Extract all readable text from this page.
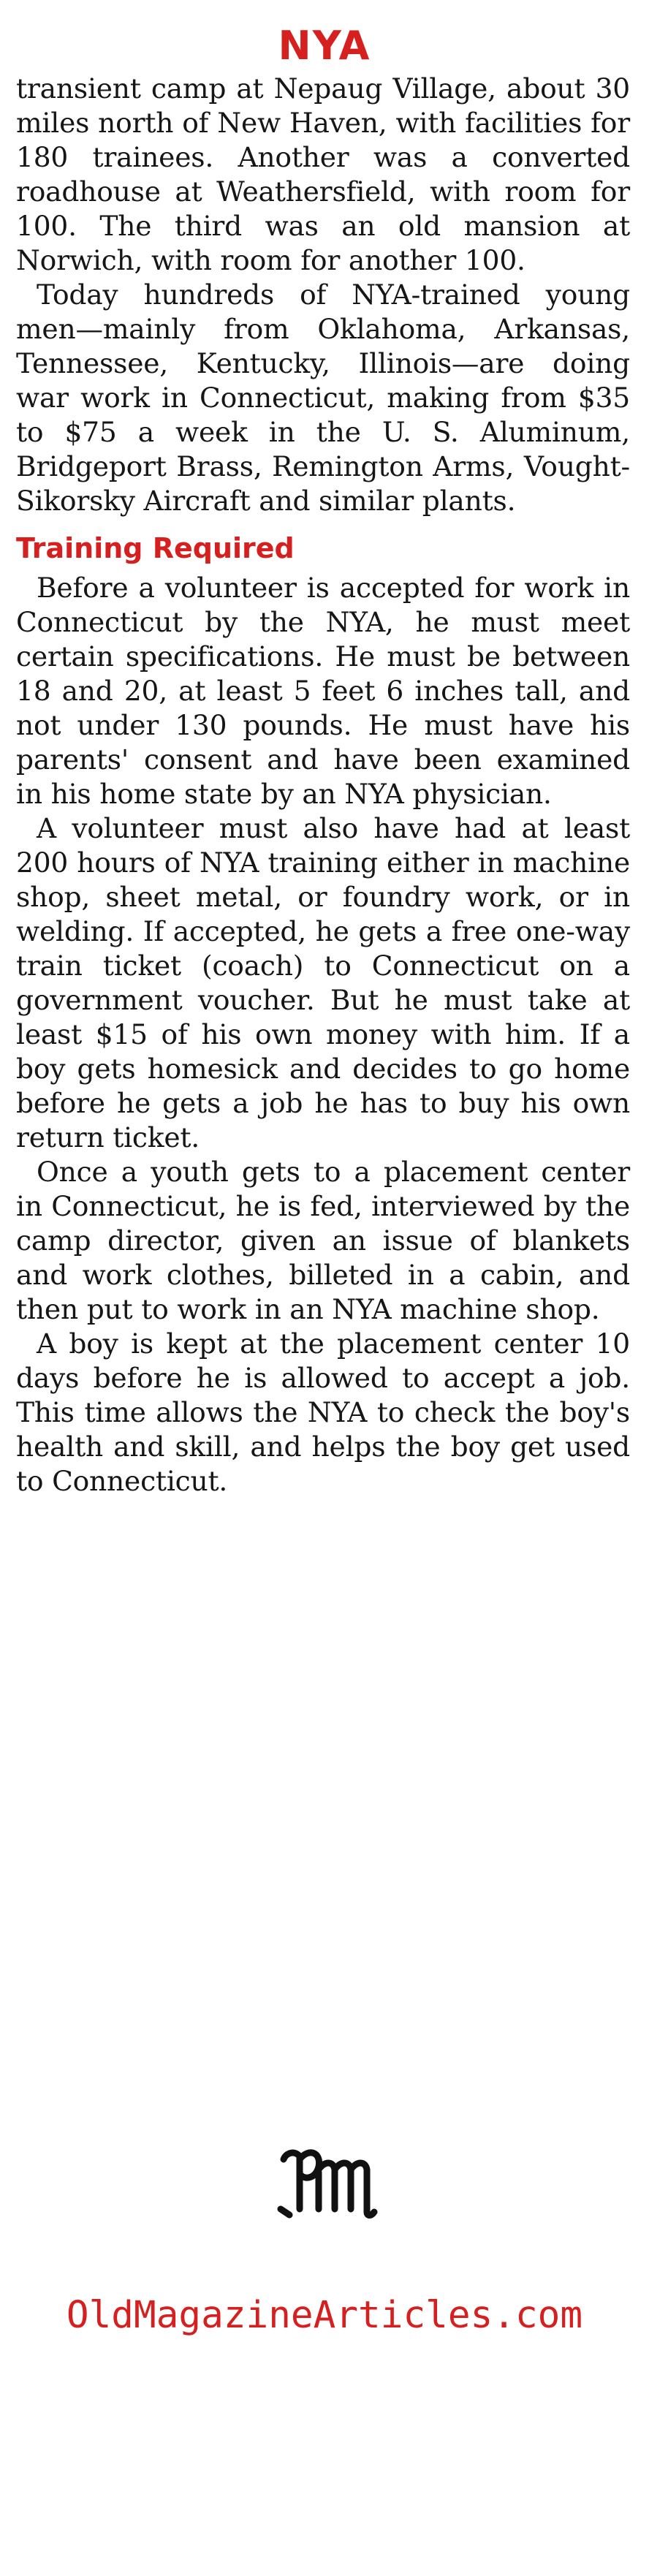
NYA

transient camp at Nepaug Village, about 30 miles north of New Haven, with facilities for 180 trainees. Another was a converted roadhouse at Weathersfield, with room for 100. The third was an old mansion at Norwich, with room for another 100.

Today hundreds of NYA-trained young men—mainly from Oklahoma, Arkansas, Tennessee, Kentucky, Illinois—are doing war work in Connecticut, making from $35 to $75 a week in the U. S. Aluminum, Bridgeport Brass, Remington Arms, Vought-Sikorsky Aircraft and similar plants.

Training Required

Before a volunteer is accepted for work in Connecticut by the NYA, he must meet certain specifications. He must be between 18 and 20, at least 5 feet 6 inches tall, and not under 130 pounds. He must have his parents' consent and have been examined in his home state by an NYA physician.

A volunteer must also have had at least 200 hours of NYA training either in machine shop, sheet metal, or foundry work, or in welding. If accepted, he gets a free one-way train ticket (coach) to Connecticut on a government voucher. But he must take at least $15 of his own money with him. If a boy gets homesick and decides to go home before he gets a job he has to buy his own return ticket.

Once a youth gets to a placement center in Connecticut, he is fed, interviewed by the camp director, given an issue of blankets and work clothes, billeted in a cabin, and then put to work in an NYA machine shop.

A boy is kept at the placement center 10 days before he is allowed to accept a job. This time allows the NYA to check the boy's health and skill, and helps the boy get used to Connecticut.

OldMagazineArticles.com
